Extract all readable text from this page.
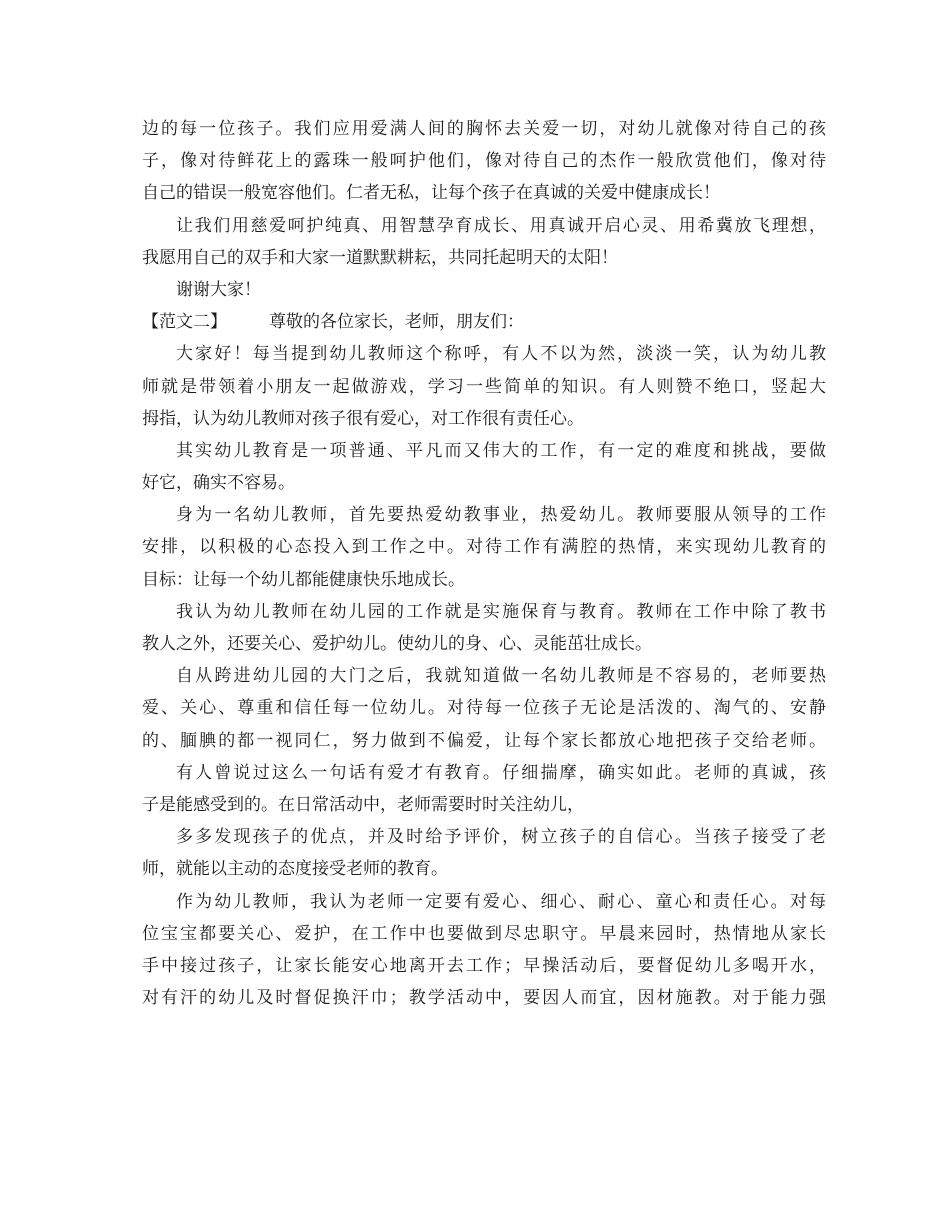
边的每一位孩子。我们应用爱满人间的胸怀去关爱一切，对幼儿就像对待自己的孩
子，像对待鲜花上的露珠一般呵护他们，像对待自己的杰作一般欣赏他们，像对待
自己的错误一般宽容他们。仁者无私，让每个孩子在真诚的关爱中健康成长！
让我们用慈爱呵护纯真、用智慧孕育成长、用真诚开启心灵、用希冀放飞理想，
我愿用自己的双手和大家一道默默耕耘，共同托起明天的太阳！
谢谢大家！
【范文二】 尊敬的各位家长，老师，朋友们：
大家好！每当提到幼儿教师这个称呼，有人不以为然，淡淡一笑，认为幼儿教
师就是带领着小朋友一起做游戏，学习一些简单的知识。有人则赞不绝口，竖起大
拇指，认为幼儿教师对孩子很有爱心，对工作很有责任心。
其实幼儿教育是一项普通、平凡而又伟大的工作，有一定的难度和挑战，要做
好它，确实不容易。
身为一名幼儿教师，首先要热爱幼教事业，热爱幼儿。教师要服从领导的工作
安排，以积极的心态投入到工作之中。对待工作有满腔的热情，来实现幼儿教育的
目标：让每一个幼儿都能健康快乐地成长。
我认为幼儿教师在幼儿园的工作就是实施保育与教育。教师在工作中除了教书
教人之外，还要关心、爱护幼儿。使幼儿的身、心、灵能茁壮成长。
自从跨进幼儿园的大门之后，我就知道做一名幼儿教师是不容易的，老师要热
爱、关心、尊重和信任每一位幼儿。对待每一位孩子无论是活泼的、淘气的、安静
的、腼腆的都一视同仁，努力做到不偏爱，让每个家长都放心地把孩子交给老师。
有人曾说过这么一句话有爱才有教育。仔细揣摩，确实如此。老师的真诚，孩
子是能感受到的。在日常活动中，老师需要时时关注幼儿，
多多发现孩子的优点，并及时给予评价，树立孩子的自信心。当孩子接受了老
师，就能以主动的态度接受老师的教育。
作为幼儿教师，我认为老师一定要有爱心、细心、耐心、童心和责任心。对每
位宝宝都要关心、爱护，在工作中也要做到尽忠职守。早晨来园时，热情地从家长
手中接过孩子，让家长能安心地离开去工作；早操活动后，要督促幼儿多喝开水，
对有汗的幼儿及时督促换汗巾；教学活动中，要因人而宜，因材施教。对于能力强
